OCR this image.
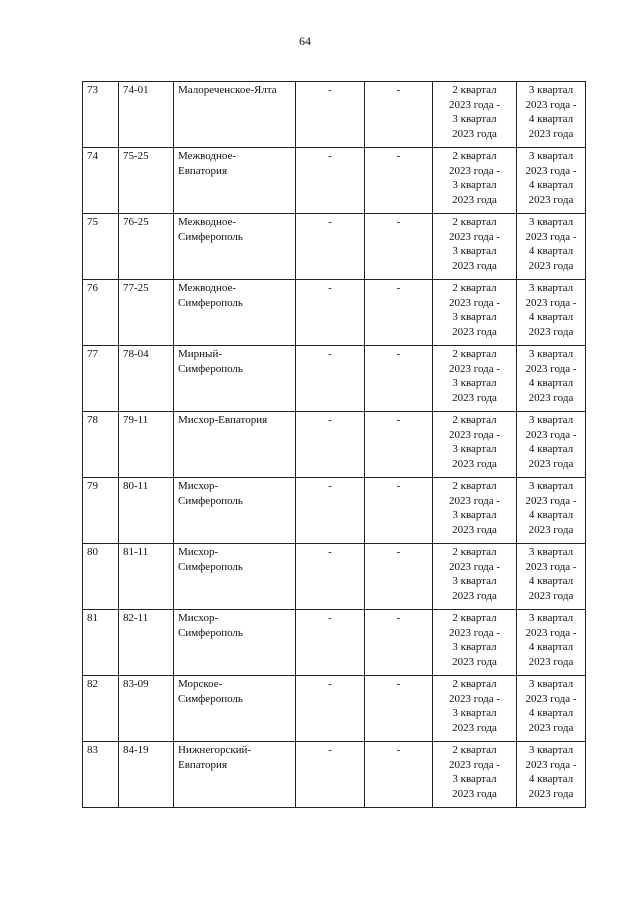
64
73	74-01	Малореченское-Ялта	-	-	2 квартал
2023 года -
3 квартал
2023 года	3 квартал
2023 года -
4 квартал
2023 года

74	75-25	Межводное-
Евпатория	-	-	2 квартал
2023 года -
3 квартал
2023 года	3 квартал
2023 года -
4 квартал
2023 года

75	76-25	Межводное-
Симферополь	-	-	2 квартал
2023 года -
3 квартал
2023 года	3 квартал
2023 года -
4 квартал
2023 года

76	77-25	Межводное-
Симферополь	-	-	2 квартал
2023 года -
3 квартал
2023 года	3 квартал
2023 года -
4 квартал
2023 года

77	78-04	Мирный-
Симферополь	-	-	2 квартал
2023 года -
3 квартал
2023 года	3 квартал
2023 года -
4 квартал
2023 года

78	79-11	Мисхор-Евпатория	-	-	2 квартал
2023 года -
3 квартал
2023 года	3 квартал
2023 года -
4 квартал
2023 года

79	80-11	Мисхор-
Симферополь	-	-	2 квартал
2023 года -
3 квартал
2023 года	3 квартал
2023 года -
4 квартал
2023 года

80	81-11	Мисхор-
Симферополь	-	-	2 квартал
2023 года -
3 квартал
2023 года	3 квартал
2023 года -
4 квартал
2023 года

81	82-11	Мисхор-
Симферополь	-	-	2 квартал
2023 года -
3 квартал
2023 года	3 квартал
2023 года -
4 квартал
2023 года

82	83-09	Морское-
Симферополь	-	-	2 квартал
2023 года -
3 квартал
2023 года	3 квартал
2023 года -
4 квартал
2023 года

83	84-19	Нижнегорский-
Евпатория	-	-	2 квартал
2023 года -
3 квартал
2023 года	3 квартал
2023 года -
4 квартал
2023 года
